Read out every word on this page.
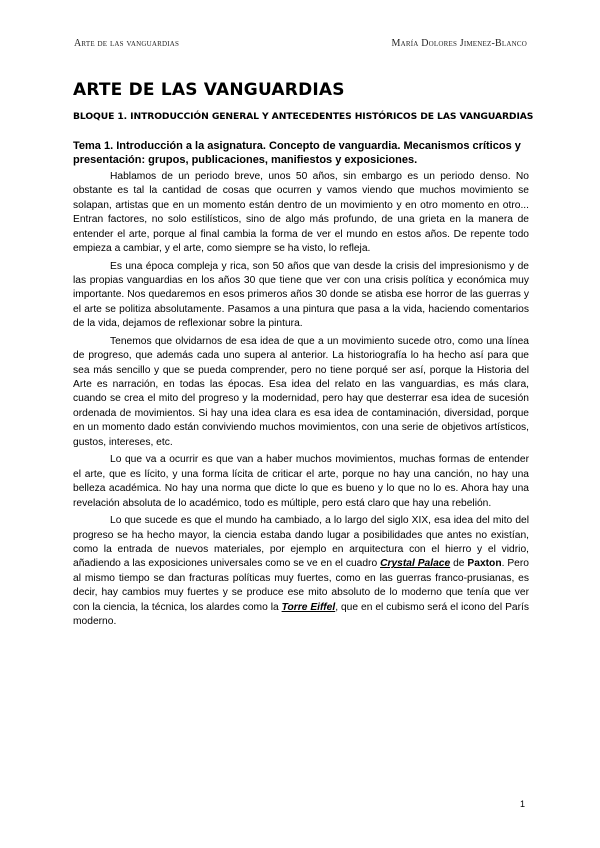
Arte de las vanguardias	María Dolores Jimenez-Blanco
ARTE DE LAS VANGUARDIAS
BLOQUE 1. INTRODUCCIÓN GENERAL Y ANTECEDENTES HISTÓRICOS DE LAS VANGUARDIAS
Tema 1. Introducción a la asignatura. Concepto de vanguardia. Mecanismos críticos y presentación: grupos, publicaciones, manifiestos y exposiciones.

Hablamos de un periodo breve, unos 50 años, sin embargo es un periodo denso. No obstante es tal la cantidad de cosas que ocurren y vamos viendo que muchos movimiento se solapan, artistas que en un momento están dentro de un movimiento y en otro momento en otro... Entran factores, no solo estilísticos, sino de algo más profundo, de una grieta en la manera de entender el arte, porque al final cambia la forma de ver el mundo en estos años. De repente todo empieza a cambiar, y el arte, como siempre se ha visto, lo refleja.

Es una época compleja y rica, son 50 años que van desde la crisis del impresionismo y de las propias vanguardias en los años 30 que tiene que ver con una crisis política y económica muy importante. Nos quedaremos en esos primeros años 30 donde se atisba ese horror de las guerras y el arte se politiza absolutamente. Pasamos a una pintura que pasa a la vida, haciendo comentarios de la vida, dejamos de reflexionar sobre la pintura.

Tenemos que olvidarnos de esa idea de que a un movimiento sucede otro, como una línea de progreso, que además cada uno supera al anterior. La historiografía lo ha hecho así para que sea más sencillo y que se pueda comprender, pero no tiene porqué ser así, porque la Historia del Arte es narración, en todas las épocas. Esa idea del relato en las vanguardias, es más clara, cuando se crea el mito del progreso y la modernidad, pero hay que desterrar esa idea de sucesión ordenada de movimientos. Si hay una idea clara es esa idea de contaminación, diversidad, porque en un momento dado están conviviendo muchos movimientos, con una serie de objetivos artísticos, gustos, intereses, etc.

Lo que va a ocurrir es que van a haber muchos movimientos, muchas formas de entender el arte, que es lícito, y una forma lícita de criticar el arte, porque no hay una canción, no hay una belleza académica. No hay una norma que dicte lo que es bueno y lo que no lo es. Ahora hay una revelación absoluta de lo académico, todo es múltiple, pero está claro que hay una rebelión.

Lo que sucede es que el mundo ha cambiado, a lo largo del siglo XIX, esa idea del mito del progreso se ha hecho mayor, la ciencia estaba dando lugar a posibilidades que antes no existían, como la entrada de nuevos materiales, por ejemplo en arquitectura con el hierro y el vidrio, añadiendo a las exposiciones universales como se ve en el cuadro Crystal Palace de Paxton. Pero al mismo tiempo se dan fracturas políticas muy fuertes, como en las guerras franco-prusianas, es decir, hay cambios muy fuertes y se produce ese mito absoluto de lo moderno que tenía que ver con la ciencia, la técnica, los alardes como la Torre Eiffel, que en el cubismo será el icono del París moderno.

1
